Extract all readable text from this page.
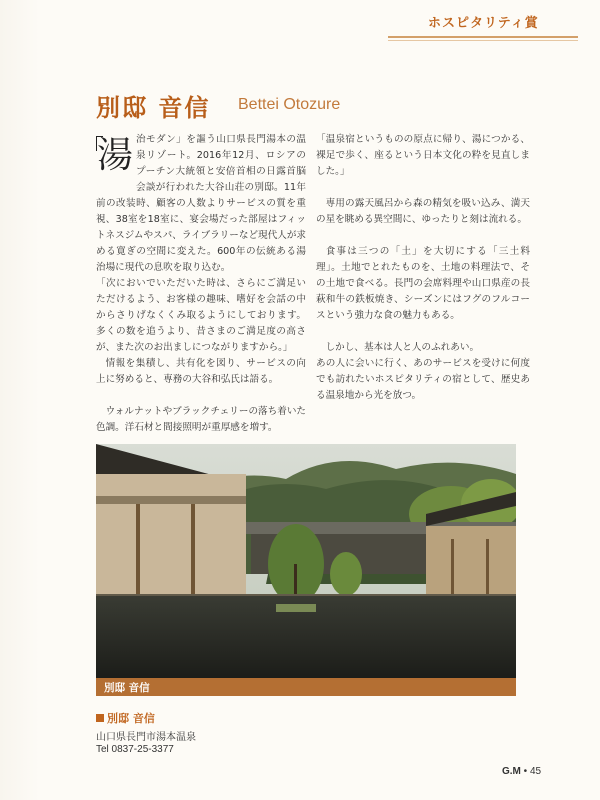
ホスピタリティ賞
別邸 音信 Bettei Otozure
湯 治モダン」を謳う山口県長門湯本の温泉リゾート。2016年12月、ロシアのプーチン大統領と安倍首相の日露首脳会談が行われた大谷山荘の別邸。11年前の改装時、顧客の人数よりサービスの質を重視、38室を18室に、宴会場だった部屋はフィットネスジムやスパ、ライブラリーなど現代人が求める寛ぎの空間に変えた。600年の伝統ある湯治場に現代の息吹を取り込む。

「次においでいただいた時は、さらにご満足いただけるよう、お客様の趣味、嗜好を会話の中からさりげなくくみ取るようにしております。多くの数を追うより、昔さまのご満足度の高さが、また次のお出ましにつながりますから。」

情報を集積し、共有化を図り、サービスの向上に努めると、専務の大谷和弘氏は語る。

ウォルナットやブラックチェリーの落ち着いた色調。洋石材と間接照明が重厚感を増す。

「温泉宿というものの原点に帰り、湯につかる、裸足で歩く、座るという日本文化の粋を見直しました。」

専用の露天風呂から森の精気を吸い込み、満天の星を眺める異空間に、ゆったりと刻は流れる。

食事は三つの「土」を大切にする「三土料理」。土地でとれたものを、土地の料理法で、その土地で食べる。長門の会席料理や山口県産の長萩和牛の鉄板焼き、シーズンにはフグのフルコースという強力な食の魅力もある。

しかし、基本は人と人のふれあい。

あの人に会いに行く、あのサービスを受けに何度でも訪れたいホスピタリティの宿として、歴史ある温泉地から光を放つ。

別邸 音信
別邸 音信
山口県長門市湯本温泉
Tel 0837-25-3377
G.M • 45
